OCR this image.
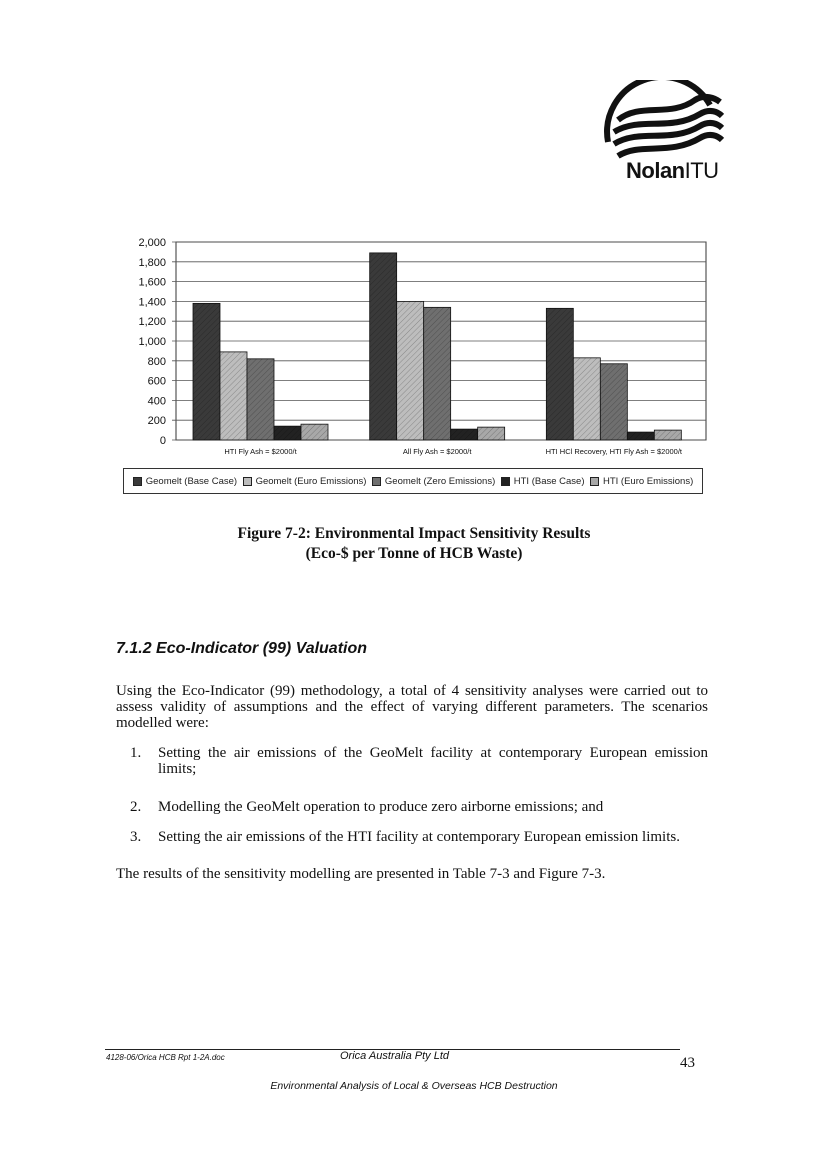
NolanITU
2,000
1,800
1,600
1,400
1,200
1,000
800
600
400
200
0
HTI Fly Ash = $2000/t	All Fly Ash = $2000/t	HTI HCl Recovery, HTI Fly Ash = $2000/t
Geomelt (Base Case) Geomelt (Euro Emissions) Geomelt (Zero Emissions) HTI (Base Case) HTI (Euro Emissions)
Figure 7-2: Environmental Impact Sensitivity Results
(Eco-$ per Tonne of HCB Waste)
7.1.2 Eco-Indicator (99) Valuation
Using the Eco-Indicator (99) methodology, a total of 4 sensitivity analyses were carried out to assess validity of assumptions and the effect of varying different parameters. The scenarios modelled were:
1.	Setting the air emissions of the GeoMelt facility at contemporary European emission limits;
2.	Modelling the GeoMelt operation to produce zero airborne emissions; and
3.	Setting the air emissions of the HTI facility at contemporary European emission limits.
The results of the sensitivity modelling are presented in Table 7-3 and Figure 7-3.
4128-06/Orica HCB Rpt 1-2A.doc	Orica Australia Pty Ltd	43
Environmental Analysis of Local & Overseas HCB Destruction
